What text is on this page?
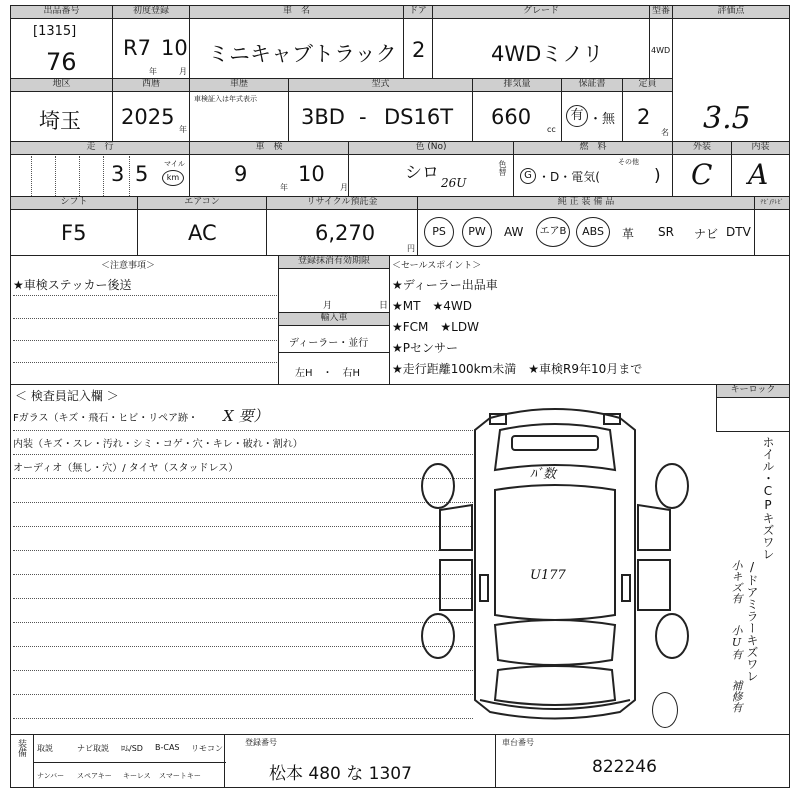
出品番号
[1315]
76
初度登録
R7 10
年	月
車　名
ミニキャブトラック
ドア
2
グレード
4WDミノリ
型番
4WD
評価点
3.5
地区
埼玉
西暦
2025
年
車歴
車検証入は年式表示
型式
3BD - DS16T
排気量
660
cc
保証書
有 ・無
定員
2
名
走　行
3 5 マイル
km
車　検
9
年
10
月
色 (No)
シロ 26U
色替
燃　料
G ・D・電気(
その他
)
外装
C
内装
A
シフト
F5
エアコン
AC
リサイクル預託金
6,270
円
純 正 装 備 品
PS	PW	AW	エアB	ABS	革 SR ナビ DTV
ﾅﾋﾞ/ﾃﾚﾋﾞ
＜注意事項＞
★車検ステッカー後送
登録抹消有効期限
月	日
輸入車
ディーラー・並行
左H　・　右H
＜セールスポイント＞
★ディーラー出品車
★MT　★4WD
★FCM　★LDW
★Pセンサー
★走行距離100km未満　★車検R9年10月まで
＜ 検査員記入欄 ＞
Fガラス（キズ・飛石・ヒビ・リペア跡・ X 要）
内装（キズ・スレ・汚れ・シミ・コゲ・穴・キレ・破れ・割れ）
オーディオ（無し・穴）/ タイヤ（スタッドレス）
キーロック
ﾊﾞ数
U177
ホイル・CPキズワレ
/ドアミラーキズワレ
小キズ有
小U有
補修有
装備 取説	ナビ取説 ﾛﾑ/SD B-CAS リモコン
ナンバー スペアキー キーレス スマートキー
登録番号
松本 480 な 1307
車台番号
822246
